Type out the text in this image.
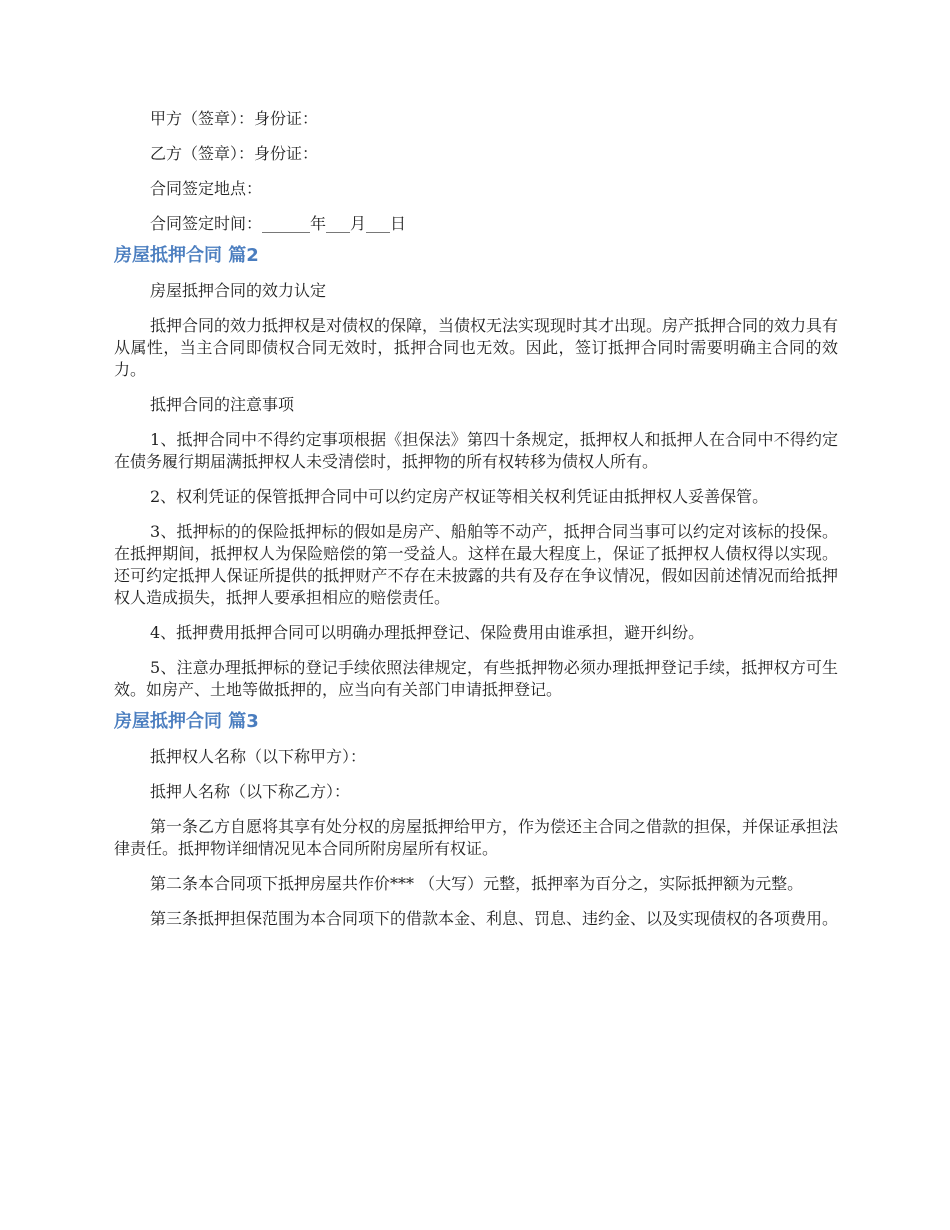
甲方（签章）：身份证：

乙方（签章）：身份证：

合同签定地点：

合同签定时间：______年___月___日

房屋抵押合同 篇2

房屋抵押合同的效力认定

抵押合同的效力抵押权是对债权的保障，当债权无法实现现时其才出现。房产抵押合同的效力具有从属性，当主合同即债权合同无效时，抵押合同也无效。因此，签订抵押合同时需要明确主合同的效力。

抵押合同的注意事项

1、抵押合同中不得约定事项根据《担保法》第四十条规定，抵押权人和抵押人在合同中不得约定在债务履行期届满抵押权人未受清偿时，抵押物的所有权转移为债权人所有。

2、权利凭证的保管抵押合同中可以约定房产权证等相关权利凭证由抵押权人妥善保管。

3、抵押标的的保险抵押标的假如是房产、船舶等不动产，抵押合同当事可以约定对该标的投保。在抵押期间，抵押权人为保险赔偿的第一受益人。这样在最大程度上，保证了抵押权人债权得以实现。还可约定抵押人保证所提供的抵押财产不存在未披露的共有及存在争议情况，假如因前述情况而给抵押权人造成损失，抵押人要承担相应的赔偿责任。

4、抵押费用抵押合同可以明确办理抵押登记、保险费用由谁承担，避开纠纷。

5、注意办理抵押标的登记手续依照法律规定，有些抵押物必须办理抵押登记手续，抵押权方可生效。如房产、土地等做抵押的，应当向有关部门申请抵押登记。

房屋抵押合同 篇3

抵押权人名称（以下称甲方）：

抵押人名称（以下称乙方）：

第一条乙方自愿将其享有处分权的房屋抵押给甲方，作为偿还主合同之借款的担保，并保证承担法律责任。抵押物详细情况见本合同所附房屋所有权证。

第二条本合同项下抵押房屋共作价*** （大写）元整，抵押率为百分之，实际抵押额为元整。

第三条抵押担保范围为本合同项下的借款本金、利息、罚息、违约金、以及实现债权的各项费用。
